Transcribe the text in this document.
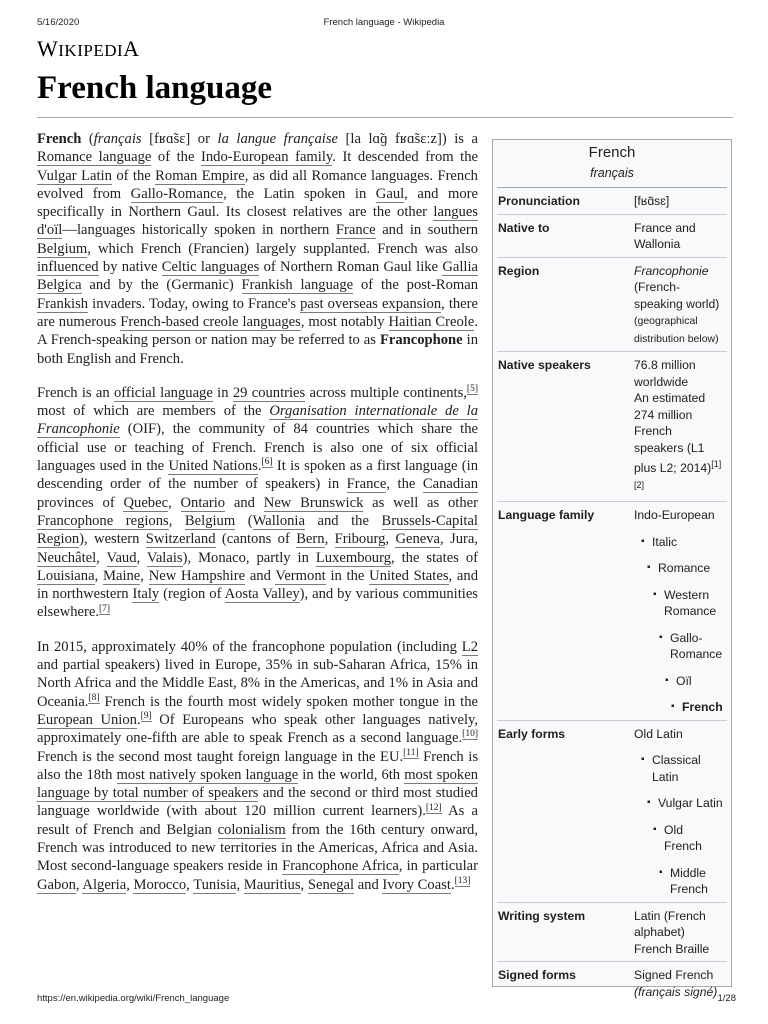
5/16/2020	French language - Wikipedia
WIKIPEDIA
French language

French (français [fʁɑ̃sɛ] or la langue française [la lɑ̃ɡ fʁɑ̃sɛːz]) is a Romance language of the Indo-European family. It descended from the Vulgar Latin of the Roman Empire, as did all Romance languages. French evolved from Gallo-Romance, the Latin spoken in Gaul, and more specifically in Northern Gaul. Its closest relatives are the other langues d'oïl—languages historically spoken in northern France and in southern Belgium, which French (Francien) largely supplanted. French was also influenced by native Celtic languages of Northern Roman Gaul like Gallia Belgica and by the (Germanic) Frankish language of the post-Roman Frankish invaders. Today, owing to France's past overseas expansion, there are numerous French-based creole languages, most notably Haitian Creole. A French-speaking person or nation may be referred to as Francophone in both English and French.

French is an official language in 29 countries across multiple continents,[5] most of which are members of the Organisation internationale de la Francophonie (OIF), the community of 84 countries which share the official use or teaching of French. French is also one of six official languages used in the United Nations.[6] It is spoken as a first language (in descending order of the number of speakers) in France, the Canadian provinces of Quebec, Ontario and New Brunswick as well as other Francophone regions, Belgium (Wallonia and the Brussels-Capital Region), western Switzerland (cantons of Bern, Fribourg, Geneva, Jura, Neuchâtel, Vaud, Valais), Monaco, partly in Luxembourg, the states of Louisiana, Maine, New Hampshire and Vermont in the United States, and in northwestern Italy (region of Aosta Valley), and by various communities elsewhere.[7]

In 2015, approximately 40% of the francophone population (including L2 and partial speakers) lived in Europe, 35% in sub-Saharan Africa, 15% in North Africa and the Middle East, 8% in the Americas, and 1% in Asia and Oceania.[8] French is the fourth most widely spoken mother tongue in the European Union.[9] Of Europeans who speak other languages natively, approximately one-fifth are able to speak French as a second language.[10] French is the second most taught foreign language in the EU.[11] French is also the 18th most natively spoken language in the world, 6th most spoken language by total number of speakers and the second or third most studied language worldwide (with about 120 million current learners).[12] As a result of French and Belgian colonialism from the 16th century onward, French was introduced to new territories in the Americas, Africa and Asia. Most second-language speakers reside in Francophone Africa, in particular Gabon, Algeria, Morocco, Tunisia, Mauritius, Senegal and Ivory Coast.[13]

French
français
Pronunciation	[fʁɑ̃sɛ]
Native to	France and Wallonia
Region	Francophonie
(French-speaking world)
(geographical distribution below)
Native speakers	76.8 million worldwide
An estimated 274 million French speakers (L1 plus L2; 2014)[1][2]
Language family	Indo-European
▪ Italic
▪ Romance
▪ Western Romance
▪ Gallo-Romance
▪ Oïl
▪ French
Early forms	Old Latin
▪ Classical Latin
▪ Vulgar Latin
▪ Old French
▪ Middle French
Writing system	Latin (French alphabet)
French Braille
Signed forms	Signed French
(français signé)
https://en.wikipedia.org/wiki/French_language	1/28
